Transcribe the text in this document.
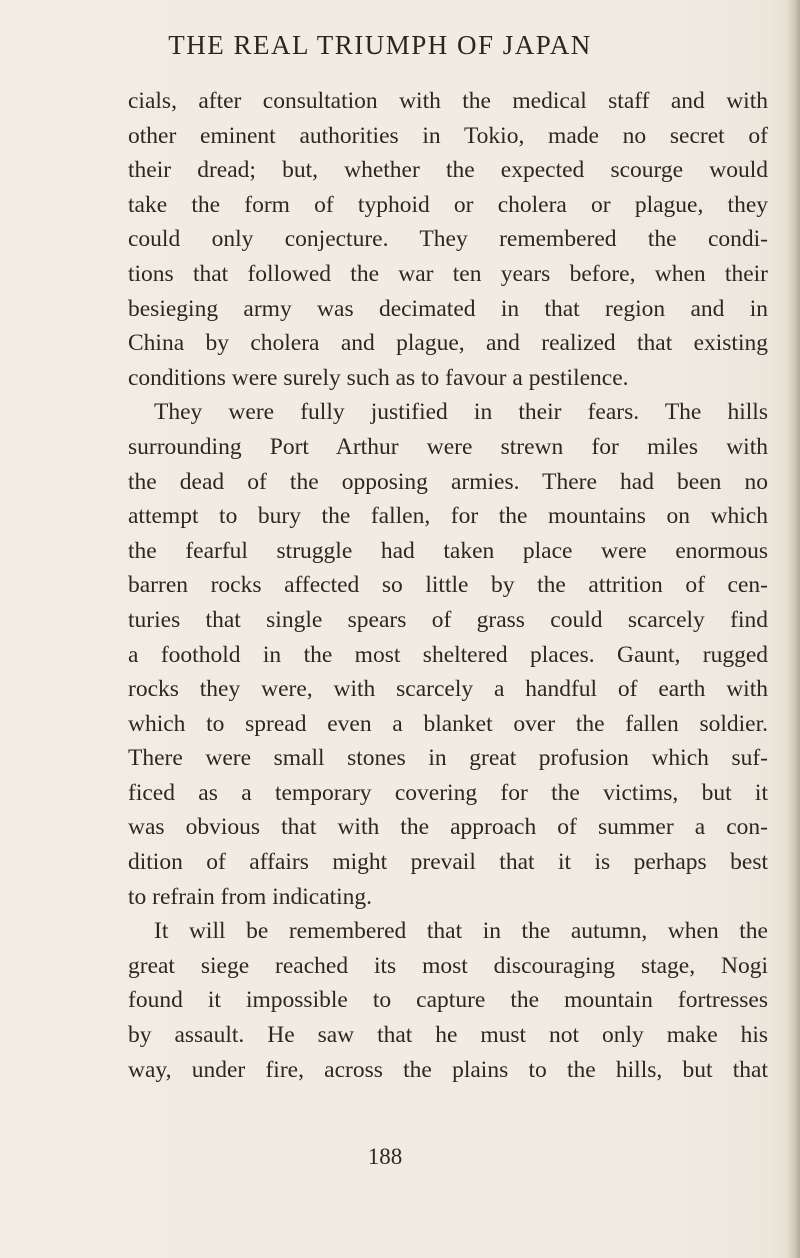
THE REAL TRIUMPH OF JAPAN
cials, after consultation with the medical staff and with
other eminent authorities in Tokio, made no secret of
their dread; but, whether the expected scourge would
take the form of typhoid or cholera or plague, they
could only conjecture. They remembered the condi-
tions that followed the war ten years before, when their
besieging army was decimated in that region and in
China by cholera and plague, and realized that existing
conditions were surely such as to favour a pestilence.
They were fully justified in their fears. The hills
surrounding Port Arthur were strewn for miles with
the dead of the opposing armies. There had been no
attempt to bury the fallen, for the mountains on which
the fearful struggle had taken place were enormous
barren rocks affected so little by the attrition of cen-
turies that single spears of grass could scarcely find
a foothold in the most sheltered places. Gaunt, rugged
rocks they were, with scarcely a handful of earth with
which to spread even a blanket over the fallen soldier.
There were small stones in great profusion which suf-
ficed as a temporary covering for the victims, but it
was obvious that with the approach of summer a con-
dition of affairs might prevail that it is perhaps best
to refrain from indicating.
It will be remembered that in the autumn, when the
great siege reached its most discouraging stage, Nogi
found it impossible to capture the mountain fortresses
by assault. He saw that he must not only make his
way, under fire, across the plains to the hills, but that

188
